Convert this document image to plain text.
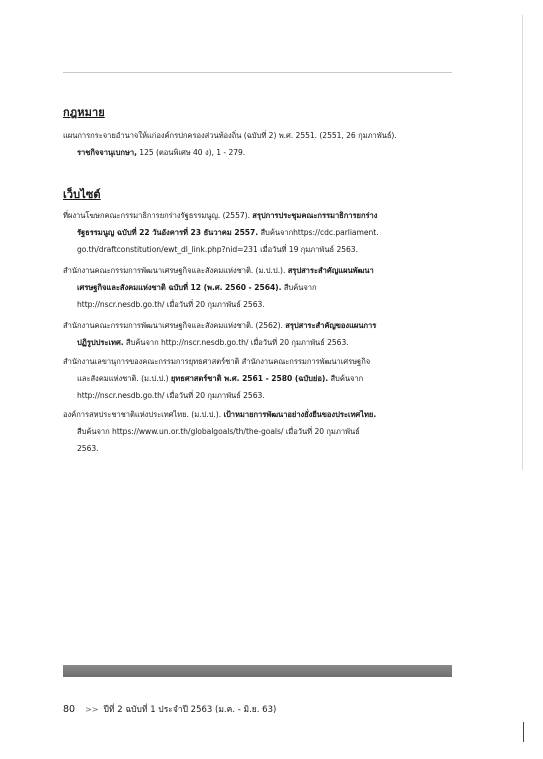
กฎหมาย
แผนการกระจายอำนาจให้แก่องค์กรปกครองส่วนท้องถิ่น (ฉบับที่ 2) พ.ศ. 2551. (2551, 26 กุมภาพันธ์).
ราชกิจจานุเบกษา, 125 (ตอนพิเศษ 40 ง), 1 - 279.
เว็บไซต์
ที่ผงานโฆษกคณะกรรมาธิการยกร่างรัฐธรรมนูญ. (2557). สรุปการประชุมคณะกรรมาธิการยกร่าง
รัฐธรรมนูญ ฉบับที่ 22 วันอังคารที่ 23 ธันวาคม 2557. สืบค้นจากhttps://cdc.parliament.
go.th/draftconstitution/ewt_dl_link.php?nid=231 เมื่อวันที่ 19 กุมภาพันธ์ 2563.
สำนักงานคณะกรรมการพัฒนาเศรษฐกิจและสังคมแห่งชาติ. (ม.ป.ป.). สรุปสาระสำคัญแผนพัฒนา
เศรษฐกิจและสังคมแห่งชาติ ฉบับที่ 12 (พ.ศ. 2560 - 2564). สืบค้นจาก
http://nscr.nesdb.go.th/ เมื่อวันที่ 20 กุมภาพันธ์ 2563.
สำนักงานคณะกรรมการพัฒนาเศรษฐกิจและสังคมแห่งชาติ. (2562). สรุปสาระสำคัญของแผนการ
ปฏิรูปประเทศ. สืบค้นจาก http://nscr.nesdb.go.th/ เมื่อวันที่ 20 กุมภาพันธ์ 2563.
สำนักงานเลขานุการของคณะกรรมการยุทธศาสตร์ชาติ สำนักงานคณะกรรมการพัฒนาเศรษฐกิจ
และสังคมแห่งชาติ. (ม.ป.ป.) ยุทธศาสตร์ชาติ พ.ศ. 2561 - 2580 (ฉบับย่อ). สืบค้นจาก
http://nscr.nesdb.go.th/ เมื่อวันที่ 20 กุมภาพันธ์ 2563.
องค์การสหประชาชาติแห่งประเทศไทย. (ม.ป.ป.). เป้าหมายการพัฒนาอย่างยั่งยืนของประเทศไทย.
สืบค้นจาก https://www.un.or.th/globalgoals/th/the-goals/ เมื่อวันที่ 20 กุมภาพันธ์
2563.
80 >> ปีที่ 2 ฉบับที่ 1 ประจำปี 2563 (ม.ค. - มิ.ย. 63)
